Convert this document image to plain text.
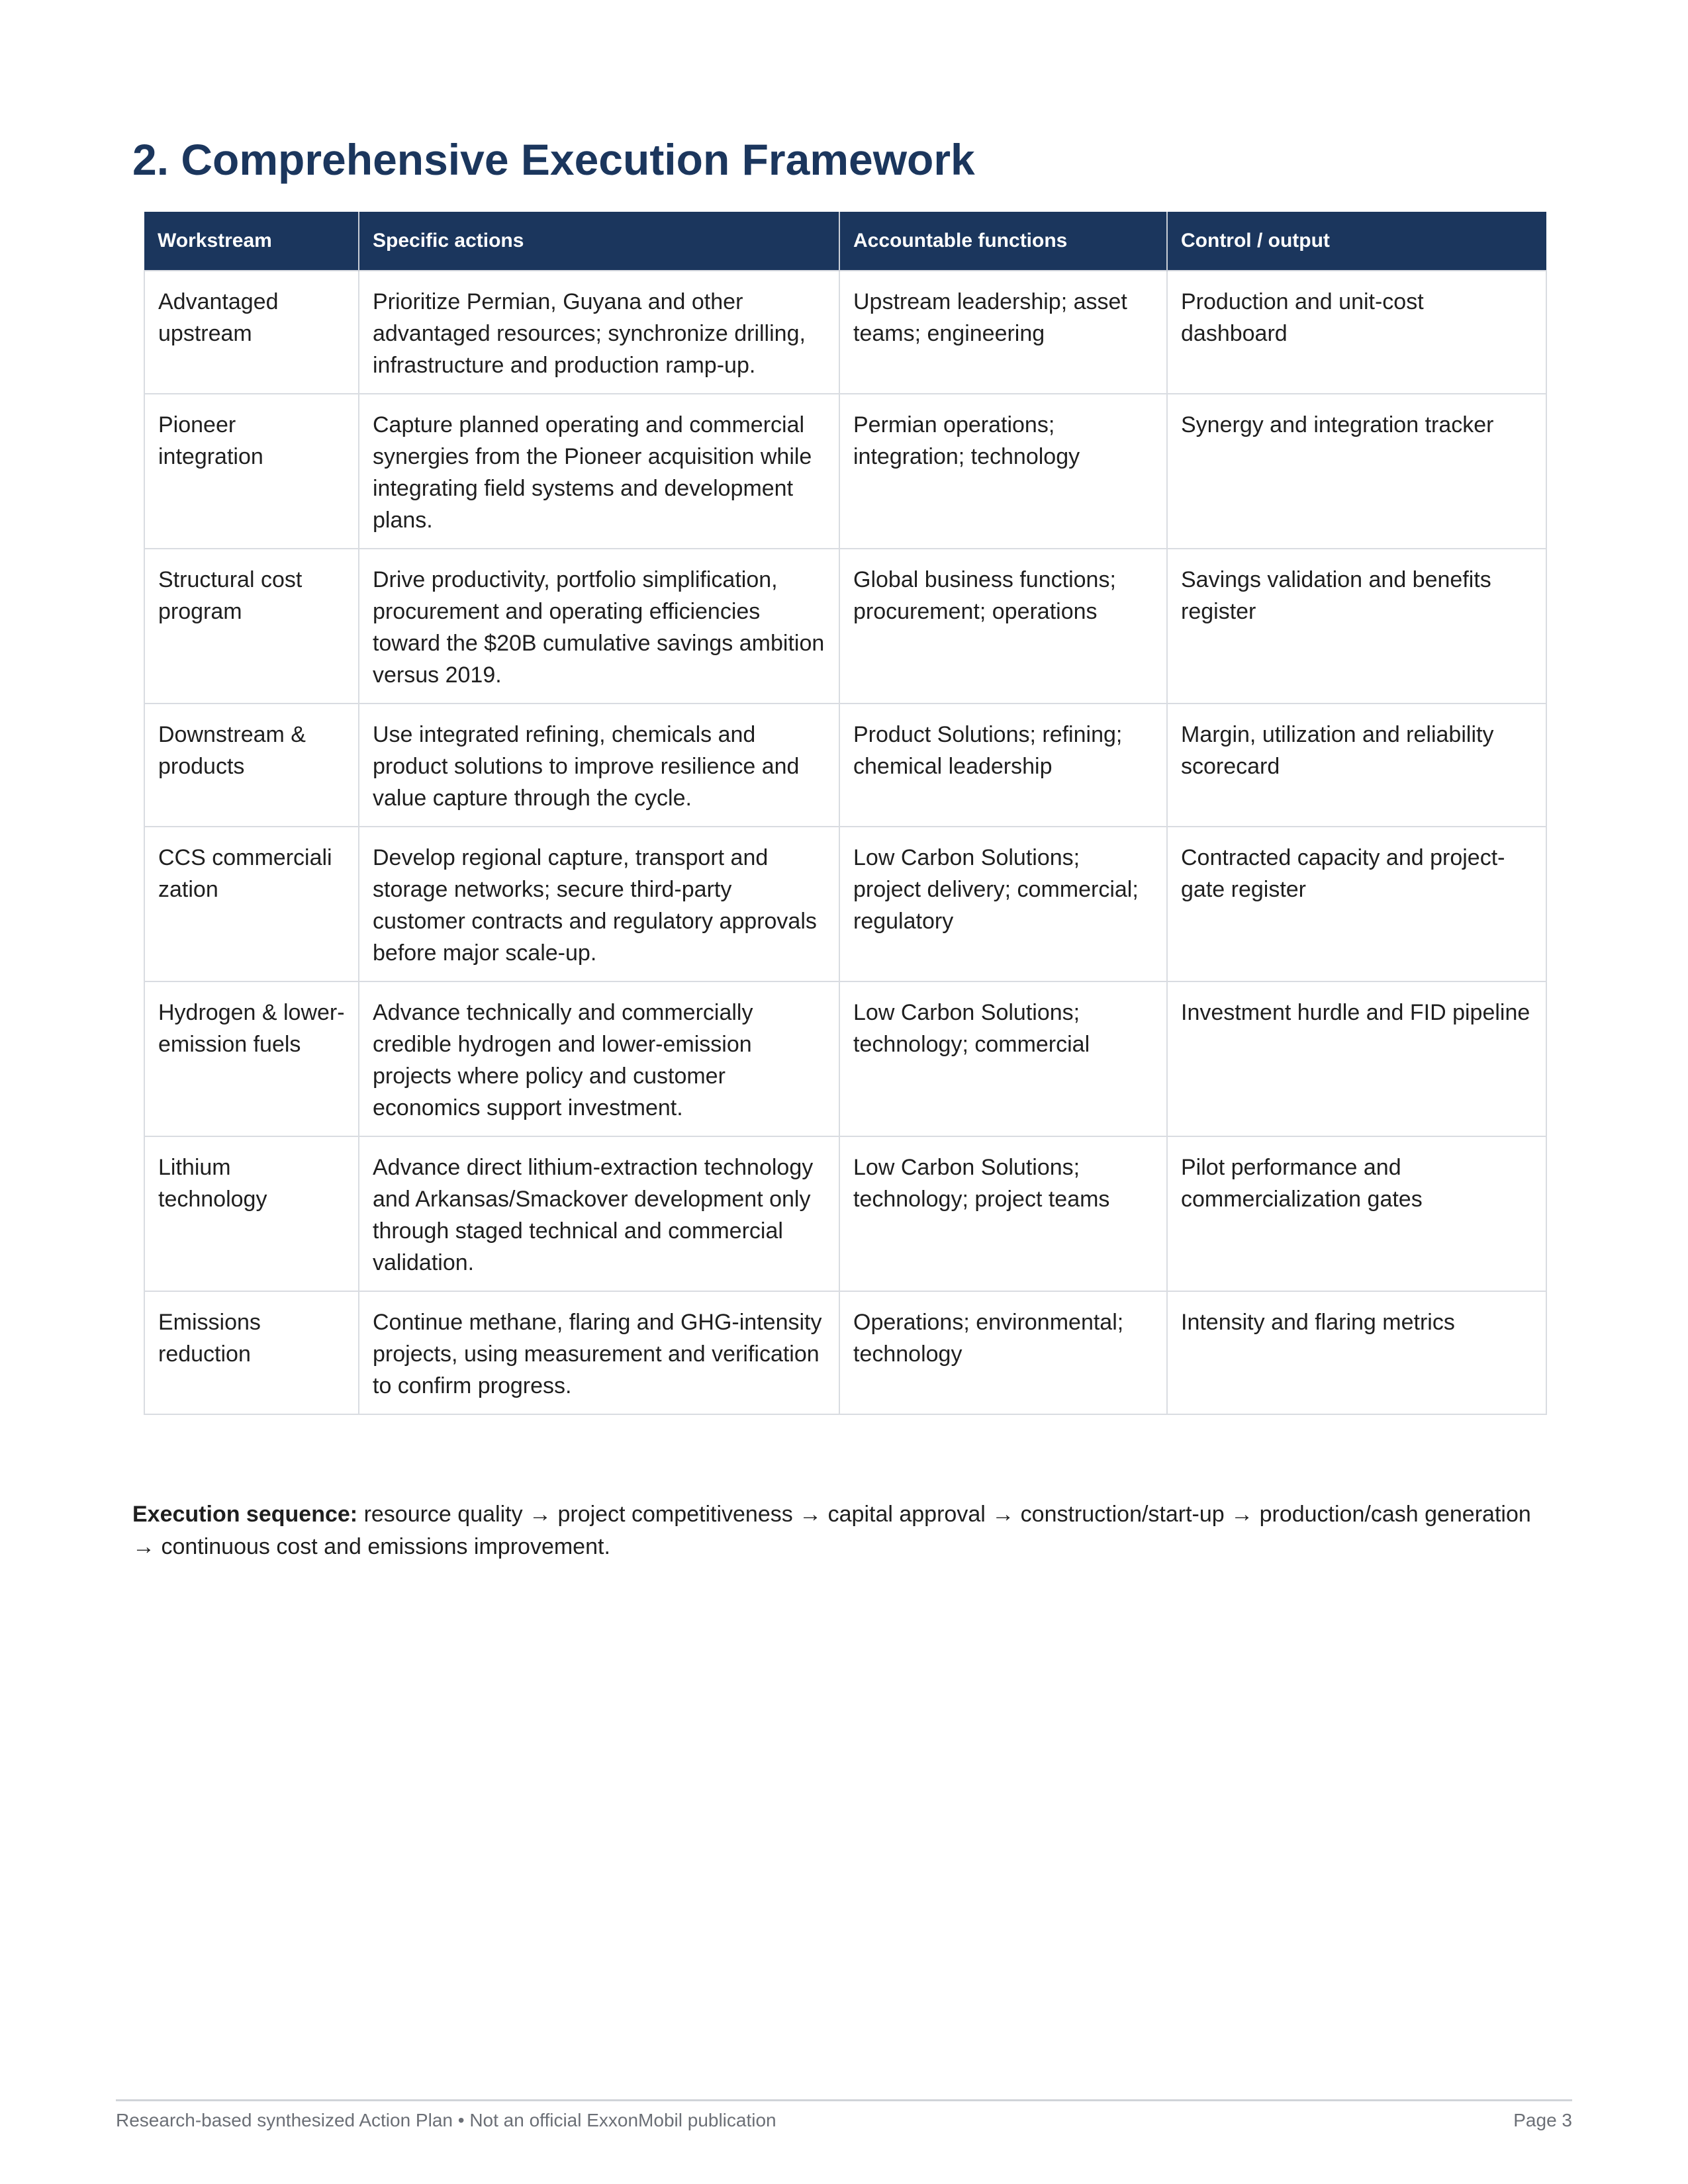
2. Comprehensive Execution Framework
Workstream	Specific actions	Accountable functions	Control / output
Advantaged upstream	Prioritize Permian, Guyana and other advantaged resources; synchronize drilling, infrastructure and production ramp-up.	Upstream leadership; asset teams; engineering	Production and unit-cost dashboard
Pioneer integration	Capture planned operating and commercial synergies from the Pioneer acquisition while integrating field systems and development plans.	Permian operations; integration; technology	Synergy and integration tracker
Structural cost program	Drive productivity, portfolio simplification, procurement and operating efficiencies toward the $20B cumulative savings ambition versus 2019.	Global business functions; procurement; operations	Savings validation and benefits register
Downstream & products	Use integrated refining, chemicals and product solutions to improve resilience and value capture through the cycle.	Product Solutions; refining; chemical leadership	Margin, utilization and reliability scorecard
CCS commerciali zation	Develop regional capture, transport and storage networks; secure third-party customer contracts and regulatory approvals before major scale-up.	Low Carbon Solutions; project delivery; commercial; regulatory	Contracted capacity and project-gate register
Hydrogen & lower-emission fuels	Advance technically and commercially credible hydrogen and lower-emission projects where policy and customer economics support investment.	Low Carbon Solutions; technology; commercial	Investment hurdle and FID pipeline
Lithium technology	Advance direct lithium-extraction technology and Arkansas/Smackover development only through staged technical and commercial validation.	Low Carbon Solutions; technology; project teams	Pilot performance and commercialization gates
Emissions reduction	Continue methane, flaring and GHG-intensity projects, using measurement and verification to confirm progress.	Operations; environmental; technology	Intensity and flaring metrics

Execution sequence: resource quality → project competitiveness → capital approval → construction/start-up → production/cash generation → continuous cost and emissions improvement.

Research-based synthesized Action Plan • Not an official ExxonMobil publication	Page 3
